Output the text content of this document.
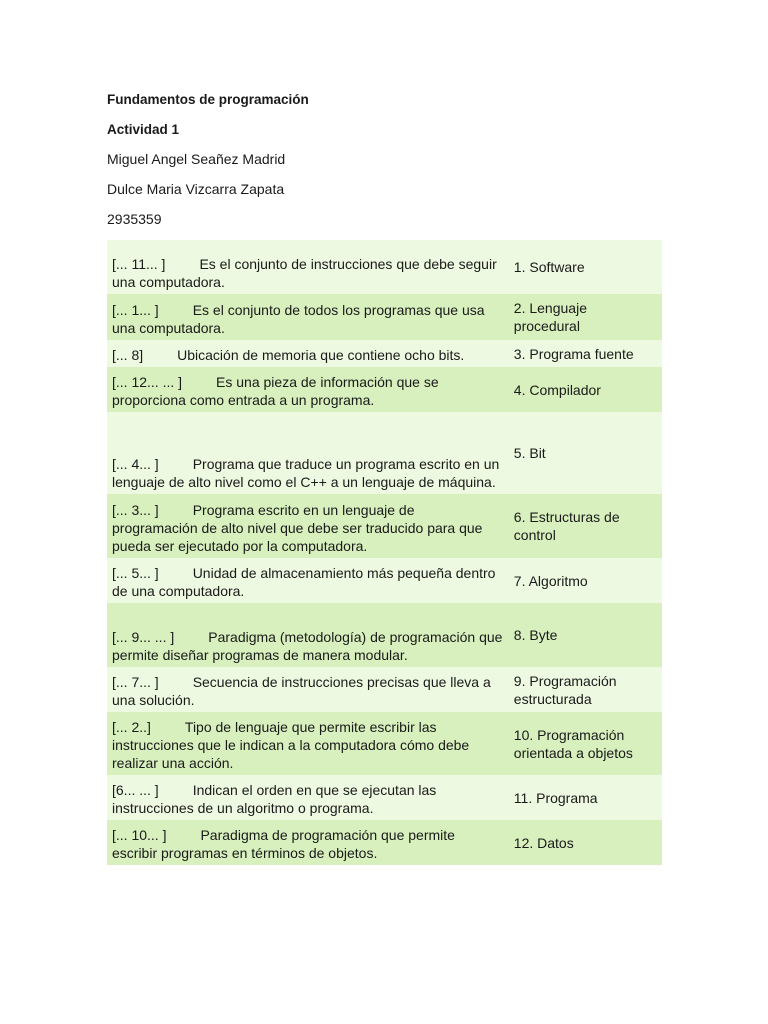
Fundamentos de programación
Actividad 1
Miguel Angel Seañez Madrid
Dulce Maria Vizcarra Zapata
2935359
[... 11... ] Es el conjunto de instrucciones que debe seguir una computadora.	1. Software
[... 1... ] Es el conjunto de todos los programas que usa una computadora.	2. Lenguaje procedural
[... 8] Ubicación de memoria que contiene ocho bits.	3. Programa fuente
[... 12... ... ] Es una pieza de información que se proporciona como entrada a un programa.	4. Compilador
[... 4... ] Programa que traduce un programa escrito en un lenguaje de alto nivel como el C++ a un lenguaje de máquina.	5. Bit
[... 3... ] Programa escrito en un lenguaje de programación de alto nivel que debe ser traducido para que pueda ser ejecutado por la computadora.	6. Estructuras de control
[... 5... ] Unidad de almacenamiento más pequeña dentro de una computadora.	7. Algoritmo
[... 9... ... ] Paradigma (metodología) de programación que permite diseñar programas de manera modular.	8. Byte
[... 7... ] Secuencia de instrucciones precisas que lleva a una solución.	9. Programación estructurada
[... 2..] Tipo de lenguaje que permite escribir las instrucciones que le indican a la computadora cómo debe realizar una acción.	10. Programación orientada a objetos
[6... ... ] Indican el orden en que se ejecutan las instrucciones de un algoritmo o programa.	11. Programa
[... 10... ] Paradigma de programación que permite escribir programas en términos de objetos.	12. Datos
